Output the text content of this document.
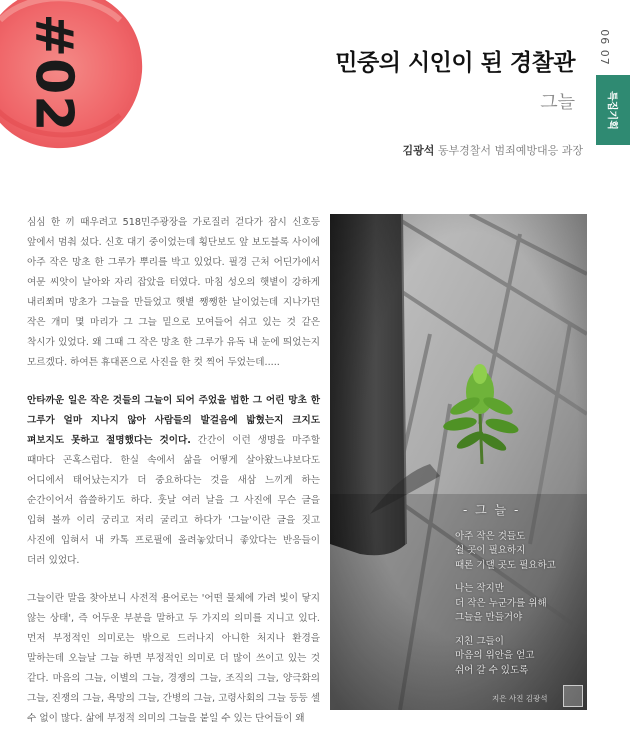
#02	06 07
특집기획
민중의 시인이 된 경찰관
그늘
김광석 동부경찰서 범죄예방대응 과장

심심 한 끼 때우려고 518민주광장을 가로질러 걷다가 잠시 신호등 앞에서 멈춰 섰다. 신호 대기 중이었는데 횡단보도 앞 보도블록 사이에 아주 작은 망초 한 그루가 뿌리를 박고 있었다. 필경 근처 어딘가에서 여문 씨앗이 날아와 자리 잡았을 터였다. 마침 성오의 햇볕이 강하게 내리쬐며 망초가 그늘을 만들었고 햇볕 쨍쨍한 날이었는데 지나가던 작은 개미 몇 마리가 그 그늘 밑으로 모여들어 쉬고 있는 것 같은 착시가 있었다. 왜 그때 그 작은 망초 한 그루가 유독 내 눈에 띄었는지 모르겠다. 하여튼 휴대폰으로 사진을 한 컷 찍어 두었는데.....

안타까운 일은 작은 것들의 그늘이 되어 주었을 법한 그 어린 망초 한 그루가 얼마 지나지 않아 사람들의 발걸음에 밟혔는지 크지도 펴보지도 못하고 절명했다는 것이다. 간간이 이런 생명을 마주할 때마다 곤혹스럽다. 한실 속에서 삶을 어떻게 살아왔느냐보다도 어디에서 태어났는지가 더 중요하다는 것을 새삼 느끼게 하는 순간이어서 씁쓸하기도 하다. 훗날 여러 날을 그 사진에 무슨 글을 입혀 볼까 이리 궁리고 저리 굴리고 하다가 '그늘'이란 글을 짓고 사진에 입혀서 내 카톡 프로필에 올려놓았더니 좋았다는 반응들이 더러 있었다.

그늘이란 말을 찾아보니 사전적 용어로는 '어떤 물체에 가려 빛이 닿지 않는 상태', 즉 어두운 부분을 말하고 두 가지의 의미를 지니고 있다. 먼저 부정적인 의미로는 밖으로 드러나지 아니한 처지나 환경을 말하는데 오늘날 그늘 하면 부정적인 의미로 더 많이 쓰이고 있는 것 같다. 마음의 그늘, 이별의 그늘, 경쟁의 그늘, 조직의 그늘, 양극화의 그늘, 진쟁의 그늘, 욕망의 그늘, 간병의 그늘, 고령사회의 그늘 등등 셀 수 없이 많다. 삶에 부정적 의미의 그늘을 붙일 수 있는 단어들이 왜

- 그 늘 -
아주 작은 것들도
쉴 곳이 필요하지
때론 기댈 곳도 필요하고
나는 작지만
더 작은 누군가를 위해
그늘을 만들거야
지친 그들이
마음의 위안을 얻고
쉬어 갈 수 있도록
지은 사진 김광석
